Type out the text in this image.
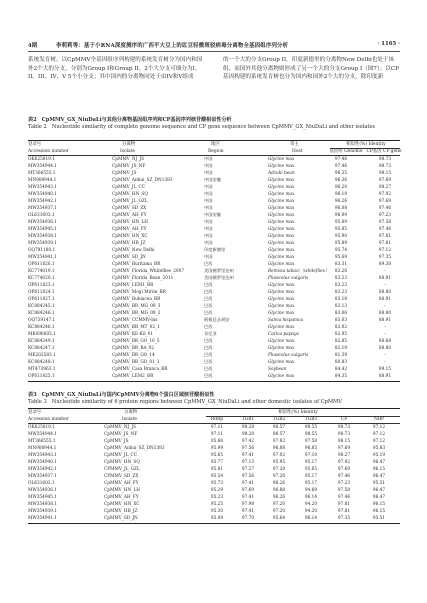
4期	李莉莉等：基于小RNA深度测序的广西平大豆上的豇豆轻微斑驳病毒分离物全基因组序列分析	· 1165 ·

系统发育树。以CpMMV全基因组序列构建的系统发育树分为国内和国外2个大的分支，分别为Group I和Group II，2个大分支可细分为I、II、III、IV、V 5个小分支；其中国内的分离物同处于由IV和V组成

的一个大的分支Group II，印度新德里的分离物New Delhi也处于该组，而国外其他分离物则形成了另一个大的分支Group I（图7）；以CP基因构建的系统发育树也分为国内和国外2个大的分支，除印度新

表2　CpMMV_GX_NiuDaLi与其他分离物基因组序列和CP基因序列核苷酸相似性分析
Table 2　Nucleotide similarity of complete genome sequence and CP gene sequence between CpMMV_GX_NiuDaLi and other isolates
登录号	分离物	地区	寄主	相似性(%) Identity
Accession number	Isolate	Region	Host	基因组 Genome CP基因 CP gene
OK625819.1	CpMMV_NJ_JS	中国	Glycine max	97.46	98.73
MW354944.1	CpMMV_JS_NF	中国	Glycine max	97.46	98.73
MT366555.1	CpMMV_JS	中国	Adzuki bean	96.35	98.15
MN908944.1	CpMMV_Anhui_SZ_DN1383	中国安徽	Glycine max	96.36	97.69
MW354943.1	CpMMV_JL_CC	中国	Glycine max	96.20	98.27
MW354940.1	CpMMV_HN_SQ	中国	Glycine max	96.19	97.92
MW354942.1	CpMMV_JL_GZL	中国	Glycine max	96.26	97.69
MW354937.1	CpMMV_SD_ZX	中国	Glycine max	96.08	97.46
OL631603.1	CpMMV_AH_FY	中国安徽	Glycine max	96.09	97.23
MW354936.1	CpMMV_HN_LH	中国	Glycine max	95.89	97.58
MW354945.1	CpMMV_AH_FY	中国	Glycine max	95.85	97.46
MW354938.1	CpMMV_HN_XC	中国	Glycine max	95.90	97.81
MW354939.1	CpMMV_HB_JZ	中国	Glycine max	95.89	97.81
OQ791180.1	CpMMV_New Delhi	印度新德里	Glycine max	95.74	97.12
MW354941.1	CpMMV_SD_JN	中国	Glycine max	95.69	97.35
OP611826.1	CpMMV_Buritama_BR	巴西	Glycine max	83.31	89.38
KC774019.1	CpMMV_Florida_Whiteflies_2007	美国佛罗里达州	Bemisia tabaci（whiteflies）	83.26	-
KC774020.1	CpMMV_Florida_Bean_2011	美国佛罗里达州	Phaseolus vulgaris	83.23	88.91
OP611823.1	CpMMV_LEM1_BR	巴西	Glycine max	83.23	-
OP611824.1	CpMMV_Mogi Mirim_BR	巴西	Glycine max	83.23	88.80
OP611827.1	CpMMV_Rubiacea_BR	巴西	Glycine max	83.18	88.91
KC884245.1	CpMMV_BR_MG_09_3	巴西	Glycine max	83.13	-
KC884246.1	CpMMV_BR_MG_09_2	巴西	Glycine max	83.06	88.80
OQ739147.1	CpMMV_CCMMV-bis	阿根廷圣胡安	Salvia hispanica	83.03	88.91
KC884246.1	CpMMV_BR_MT_02_1	巴西	Glycine max	83.02	-
MK096605.1	CpMMV_KE-Kil_01	肯尼亚	Carica papaya	82.95	-
KC884249.1	CpMMV_BR_GO_10_5	巴西	Glycine max	82.85	88.68
KC884247.1	CpMMV_BR_BA_02	巴西	Glycine max	82.19	88.80
MK202583.1	CpMMV_BR_GO_14	巴西	Phaseolus vulgaris	81.39	-
KC884248.1	CpMMV_BR_GO_01_1	巴西	Glycine max	80.83	-
MT473963.1	CpMMV_Casa Branca_BR	巴西	Soybean	84.42	89.15
OP611825.1	CpMMV_LEM2_BR	巴西	Glycine max	84.35	88.91
表3　CpMMV_GX_NiuDaLi与国内CpMMV分离物6个蛋白区域核苷酸相似性
Table 3　Nucleotide similarity of 6 protein regions between CpMMV_GX_NiuDaLi and other domestic isolates of CpMMV
登录号	分离物	相似性(%) Identity
Accession number	Isolate	RdRp	TGB1	TGB2	TGB3	CP	NBP
OK625819.1	CpMMV_NJ_JS	97.11	98.28	96.57	98.55	98.73	97.12
MW354944.1	CpMMV_JS_NF	97.11	98.28	96.57	98.55	98.73	97.12
MT366555.1	CpMMV_JS	95.68	97.42	97.82	97.58	98.15	97.12
MN908944.1	CpMMV_Anhui_SZ_DN1383	95.99	97.56	96.88	96.85	97.69	95.83
MW354943.1	CpMMV_JL_CC	95.65	97.41	97.02	97.10	98.27	95.19
MW354940.1	CpMMV_HN_SQ	95.77	97.13	95.95	95.17	97.92	96.47
MW354942.1	CPMMV_JL_GZL	95.81	97.27	97.20	95.65	97.69	96.15
MW354937.1	CPMMV_SD_ZX	95.54	97.56	97.20	95.17	97.46	96.47
OL631603.1	CpMMV_AH_FY	95.73	97.41	96.26	95.17	97.23	95.51
MW354936.1	CpMMV_HN_LH	95.29	97.69	96.88	94.69	97.58	96.47
MW354945.1	CpMMV_AH_FY	95.23	97.41	96.26	96.14	97.46	96.47
MW354938.1	CpMMV_HN_XC	95.25	97.98	97.20	94.20	97.81	96.15
MW354939.1	CpMMV_HB_JZ	95.30	97.41	97.20	94.20	97.81	96.15
MW354941.1	CpMMV_SD_JN	95.09	97.70	95.64	96.14	97.35	95.51
